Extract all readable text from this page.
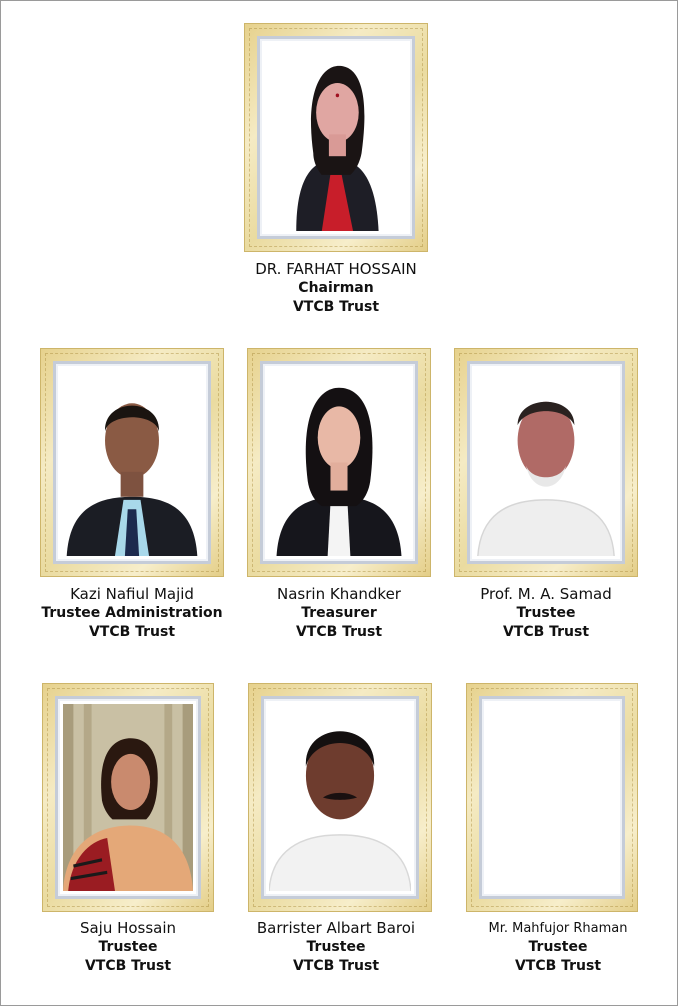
DR. FARHAT HOSSAIN
Chairman
VTCB Trust
Kazi Nafiul Majid
Trustee Administration
VTCB Trust
Nasrin Khandker
Treasurer
VTCB Trust
Prof. M. A. Samad
Trustee
VTCB Trust
Saju Hossain
Trustee
VTCB Trust
Barrister Albart Baroi
Trustee
VTCB Trust
Mr. Mahfujor Rhaman
Trustee
VTCB Trust
